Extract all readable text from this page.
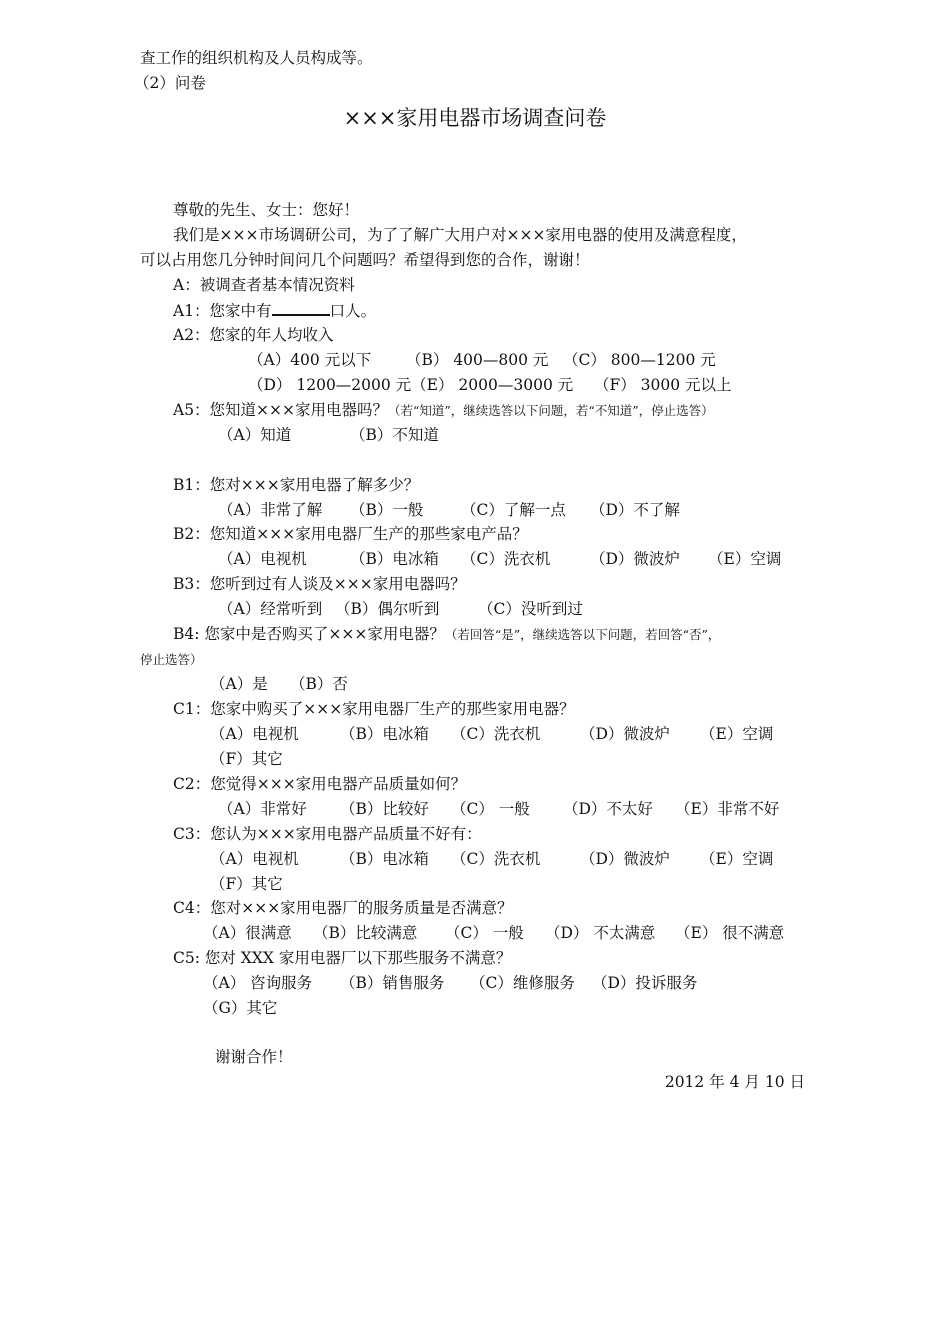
查工作的组织机构及人员构成等。
（2）问卷
×××家用电器市场调查问卷
尊敬的先生、女士：您好！
我们是×××市场调研公司，为了了解广大用户对×××家用电器的使用及满意程度，
可以占用您几分钟时间问几个问题吗？希望得到您的合作，谢谢！
A：被调查者基本情况资料
A1：您家中有	口人。
A2：您家的年人均收入
（A）400 元以下 （B） 400—800 元 （C） 800—1200 元
（D） 1200—2000 元（E） 2000—3000 元 （F） 3000 元以上
A5：您知道×××家用电器吗？（若“知道”，继续选答以下问题，若“不知道”，停止选答）
（A）知道	（B）不知道
B1：您对×××家用电器了解多少？
（A）非常了解 （B）一般 （C）了解一点 （D）不了解
B2：您知道×××家用电器厂生产的那些家电产品？
（A）电视机	（B）电冰箱 （C）洗衣机	（D）微波炉 （E）空调
B3：您听到过有人谈及×××家用电器吗？
（A）经常听到 （B）偶尔听到 （C）没听到过
B4: 您家中是否购买了×××家用电器？（若回答“是”，继续选答以下问题，若回答“否”，
停止选答）
（A）是 （B）否
C1：您家中购买了×××家用电器厂生产的那些家用电器？
（A）电视机	（B）电冰箱 （C）洗衣机	（D）微波炉 （E）空调
（F）其它
C2：您觉得×××家用电器产品质量如何？
（A）非常好 （B）比较好 （C） 一般 （D）不太好 （E）非常不好
C3：您认为×××家用电器产品质量不好有：
（A）电视机	（B）电冰箱 （C）洗衣机	（D）微波炉 （E）空调
（F）其它
C4：您对×××家用电器厂的服务质量是否满意？
（A）很满意 （B）比较满意 （C） 一般 （D） 不太满意 （E） 很不满意
C5: 您对 XXX 家用电器厂以下那些服务不满意？
（A） 咨询服务 （B）销售服务 （C）维修服务 （D）投诉服务
（G）其它
谢谢合作！
2012 年 4 月 10 日
